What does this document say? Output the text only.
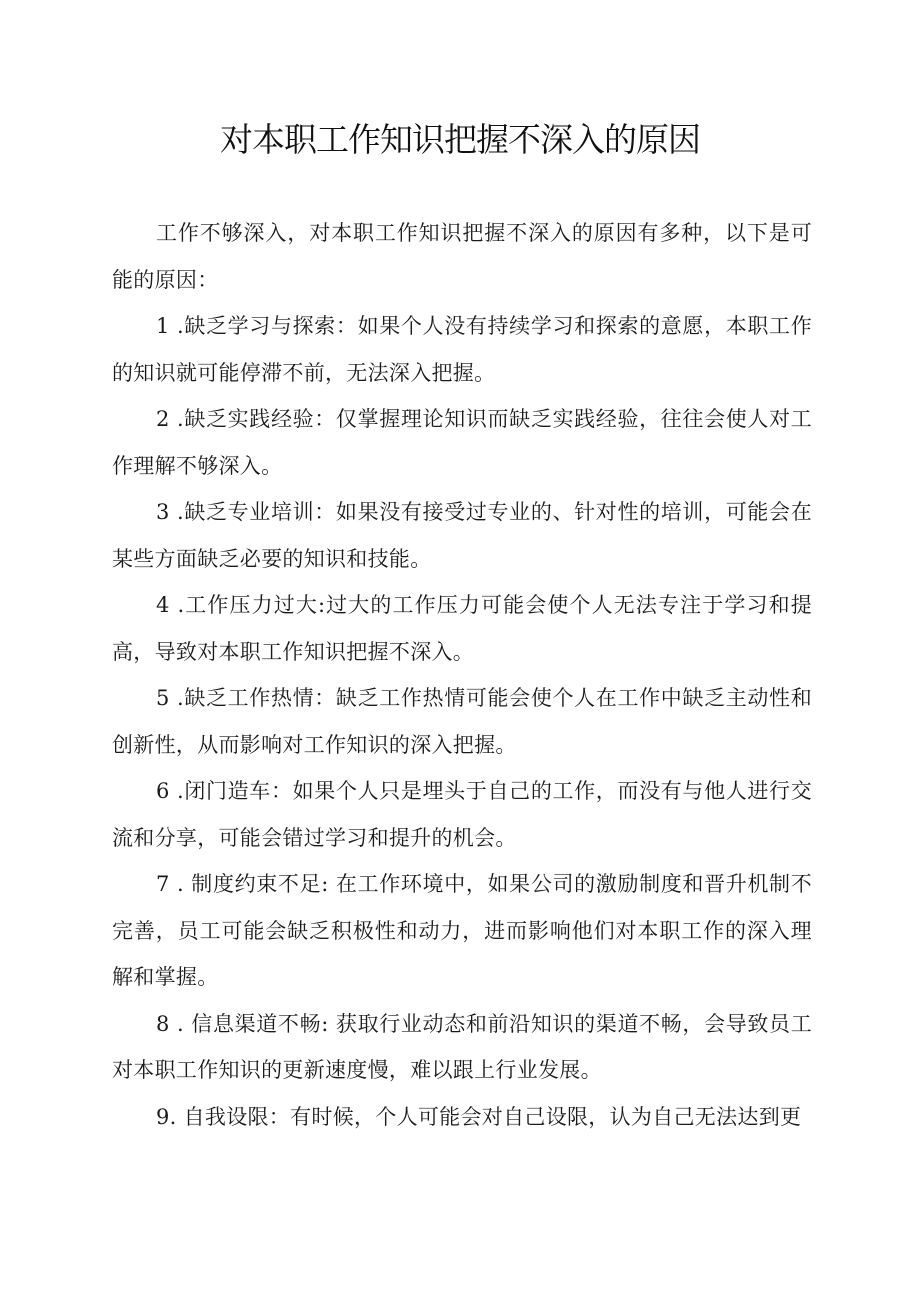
对本职工作知识把握不深入的原因

工作不够深入，对本职工作知识把握不深入的原因有多种，以下是可能的原因：

1 .缺乏学习与探索：如果个人没有持续学习和探索的意愿，本职工作的知识就可能停滞不前，无法深入把握。

2 .缺乏实践经验：仅掌握理论知识而缺乏实践经验，往往会使人对工作理解不够深入。

3 .缺乏专业培训：如果没有接受过专业的、针对性的培训，可能会在某些方面缺乏必要的知识和技能。

4 .工作压力过大:过大的工作压力可能会使个人无法专注于学习和提高，导致对本职工作知识把握不深入。

5 .缺乏工作热情：缺乏工作热情可能会使个人在工作中缺乏主动性和创新性，从而影响对工作知识的深入把握。

6 .闭门造车：如果个人只是埋头于自己的工作，而没有与他人进行交流和分享，可能会错过学习和提升的机会。

7 . 制度约束不足: 在工作环境中，如果公司的激励制度和晋升机制不完善，员工可能会缺乏积极性和动力，进而影响他们对本职工作的深入理解和掌握。

8 . 信息渠道不畅: 获取行业动态和前沿知识的渠道不畅，会导致员工对本职工作知识的更新速度慢，难以跟上行业发展。

9. 自我设限：有时候，个人可能会对自己设限，认为自己无法达到更
